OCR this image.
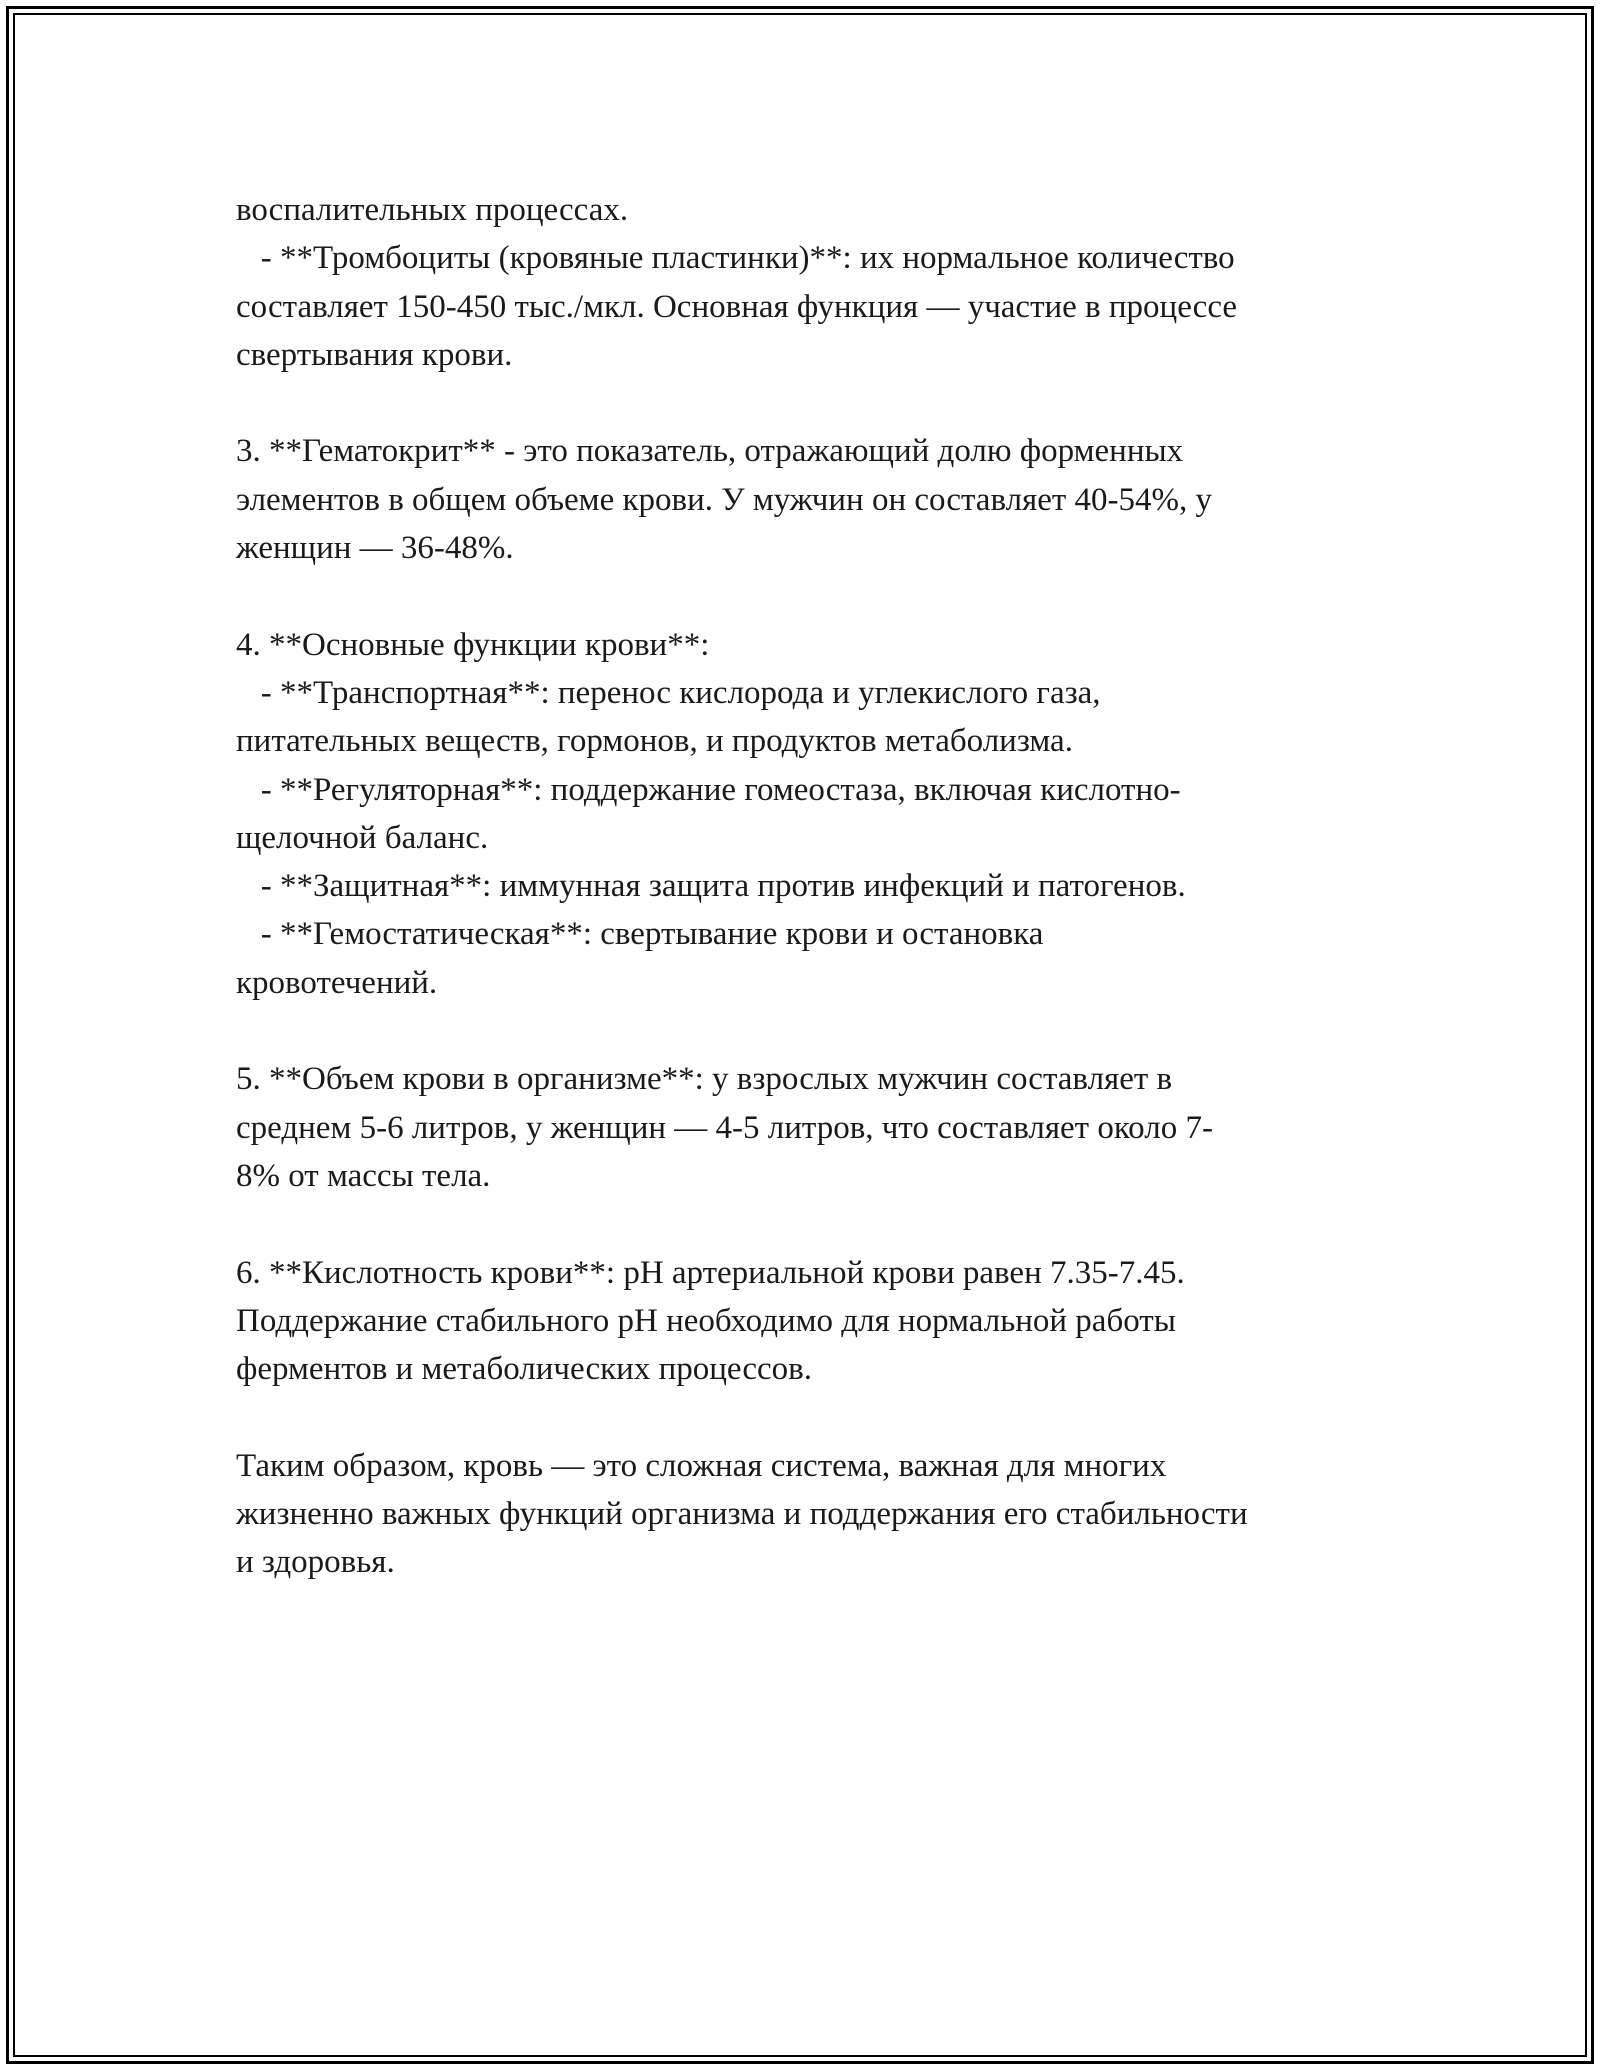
воспалительных процессах.
- **Тромбоциты (кровяные пластинки)**: их нормальное количество
составляет 150-450 тыс./мкл. Основная функция — участие в процессе
свертывания крови.
3. **Гематокрит** - это показатель, отражающий долю форменных
элементов в общем объеме крови. У мужчин он составляет 40-54%, у
женщин — 36-48%.
4. **Основные функции крови**:
- **Транспортная**: перенос кислорода и углекислого газа,
питательных веществ, гормонов, и продуктов метаболизма.
- **Регуляторная**: поддержание гомеостаза, включая кислотно-
щелочной баланс.
- **Защитная**: иммунная защита против инфекций и патогенов.
- **Гемостатическая**: свертывание крови и остановка
кровотечений.
5. **Объем крови в организме**: у взрослых мужчин составляет в
среднем 5-6 литров, у женщин — 4-5 литров, что составляет около 7-
8% от массы тела.
6. **Кислотность крови**: pH артериальной крови равен 7.35-7.45.
Поддержание стабильного pH необходимо для нормальной работы
ферментов и метаболических процессов.
Таким образом, кровь — это сложная система, важная для многих
жизненно важных функций организма и поддержания его стабильности
и здоровья.
